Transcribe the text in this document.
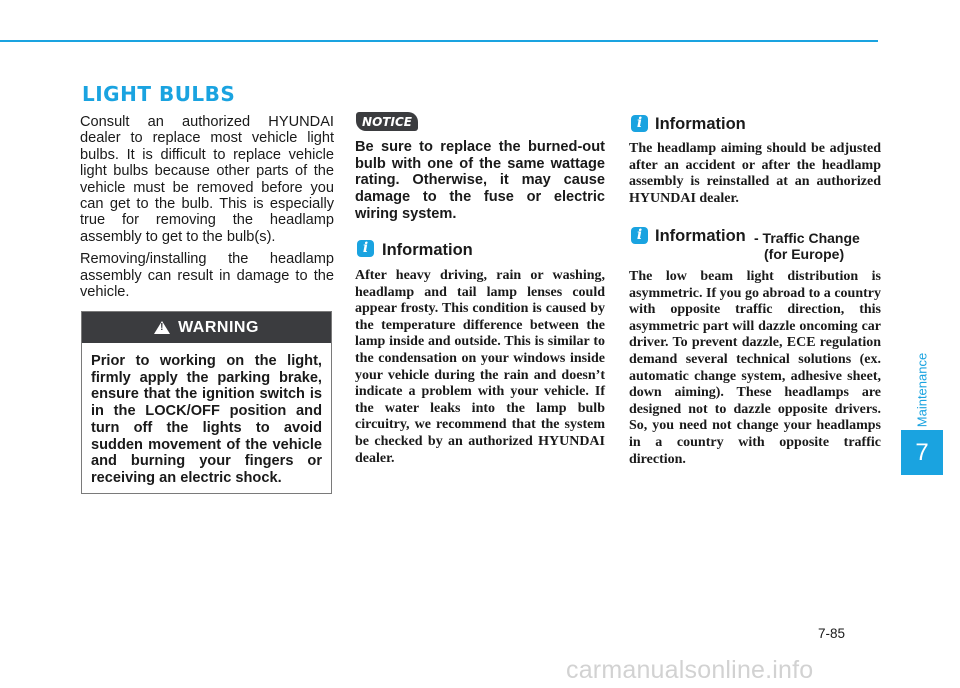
LIGHT BULBS

Consult an authorized HYUNDAI dealer to replace most vehicle light bulbs. It is difficult to replace vehicle light bulbs because other parts of the vehicle must be removed before you can get to the bulb. This is especially true for removing the headlamp assembly to get to the bulb(s).

Removing/installing the headlamp assembly can result in damage to the vehicle.

!
WARNING
Prior to working on the light, firmly apply the parking brake, ensure that the ignition switch is in the LOCK/OFF position and turn off the lights to avoid sudden movement of the vehicle and burning your fingers or receiving an electric shock.
NOTICE
Be sure to replace the burned-out bulb with one of the same wattage rating. Otherwise, it may cause damage to the fuse or electric wiring system.
i Information
After heavy driving, rain or washing, headlamp and tail lamp lenses could appear frosty. This condition is caused by the temperature difference between the lamp inside and outside. This is similar to the condensation on your windows inside your vehicle during the rain and doesn’t indicate a problem with your vehicle. If the water leaks into the lamp bulb circuitry, we recommend that the system be checked by an authorized HYUNDAI dealer.
i Information
The headlamp aiming should be adjusted after an accident or after the headlamp assembly is reinstalled at an authorized HYUNDAI dealer.
i Information - Traffic Change
(for Europe)
The low beam light distribution is asymmetric. If you go abroad to a country with opposite traffic direction, this asymmetric part will dazzle oncoming car driver. To prevent dazzle, ECE regulation demand several technical solutions (ex. automatic change system, adhesive sheet, down aiming). These headlamps are designed not to dazzle opposite drivers. So, you need not change your headlamps in a country with opposite traffic direction.
Maintenance
7
7-85
carmanualsonline.info
